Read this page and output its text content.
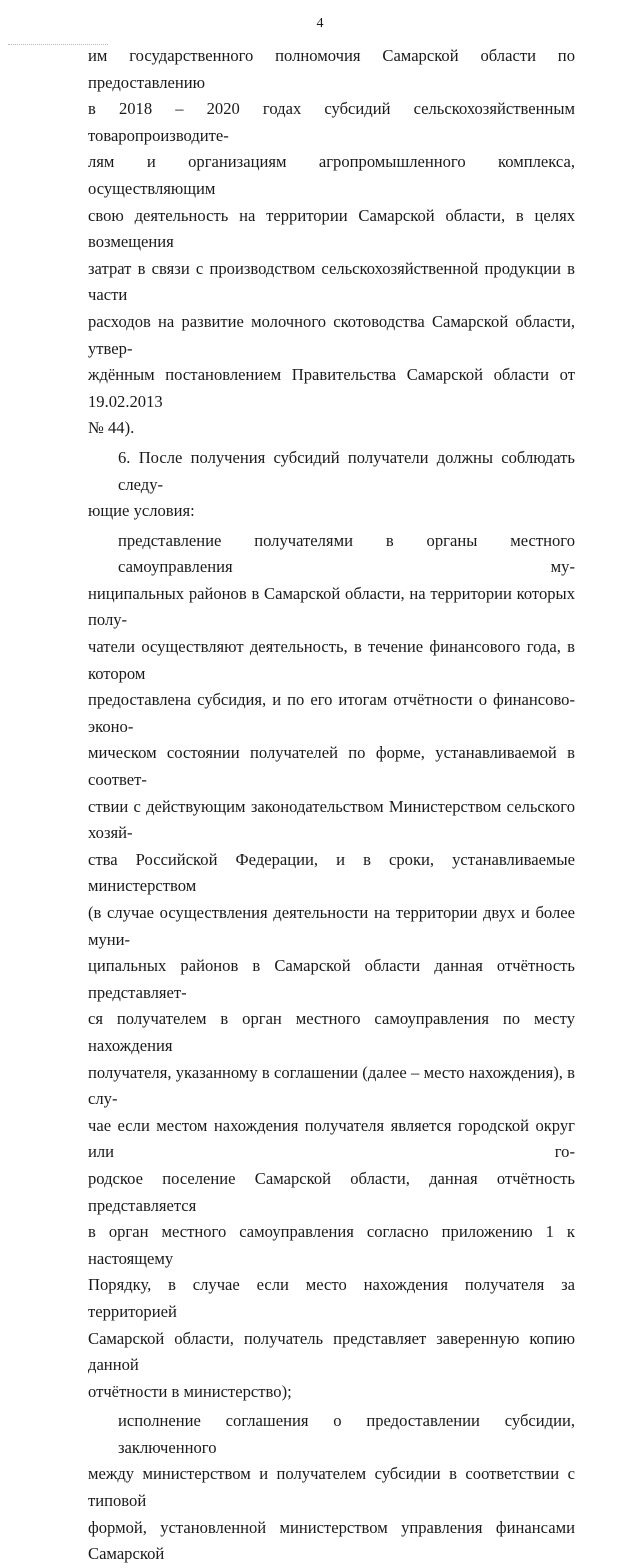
4
им государственного полномочия Самарской области по предоставлению
в 2018 – 2020 годах субсидий сельскохозяйственным товаропроизводите-
лям и организациям агропромышленного комплекса, осуществляющим
свою деятельность на территории Самарской области, в целях возмещения
затрат в связи с производством сельскохозяйственной продукции в части
расходов на развитие молочного скотоводства Самарской области, утвер-
ждённым постановлением Правительства Самарской области от 19.02.2013
№ 44).
6. После получения субсидий получатели должны соблюдать следу-
ющие условия:
представление получателями в органы местного самоуправления му-
ниципальных районов в Самарской области, на территории которых полу-
чатели осуществляют деятельность, в течение финансового года, в котором
предоставлена субсидия, и по его итогам отчётности о финансово-эконо-
мическом состоянии получателей по форме, устанавливаемой в соответ-
ствии с действующим законодательством Министерством сельского хозяй-
ства Российской Федерации, и в сроки, устанавливаемые министерством
(в случае осуществления деятельности на территории двух и более муни-
ципальных районов в Самарской области данная отчётность представляет-
ся получателем в орган местного самоуправления по месту нахождения
получателя, указанному в соглашении (далее – место нахождения), в слу-
чае если местом нахождения получателя является городской округ или го-
родское поселение Самарской области, данная отчётность представляется
в орган местного самоуправления согласно приложению 1 к настоящему
Порядку, в случае если место нахождения получателя за территорией
Самарской области, получатель представляет заверенную копию данной
отчётности в министерство);
исполнение соглашения о предоставлении субсидии, заключенного
между министерством и получателем субсидии в соответствии с типовой
формой, установленной министерством управления финансами Самарской
